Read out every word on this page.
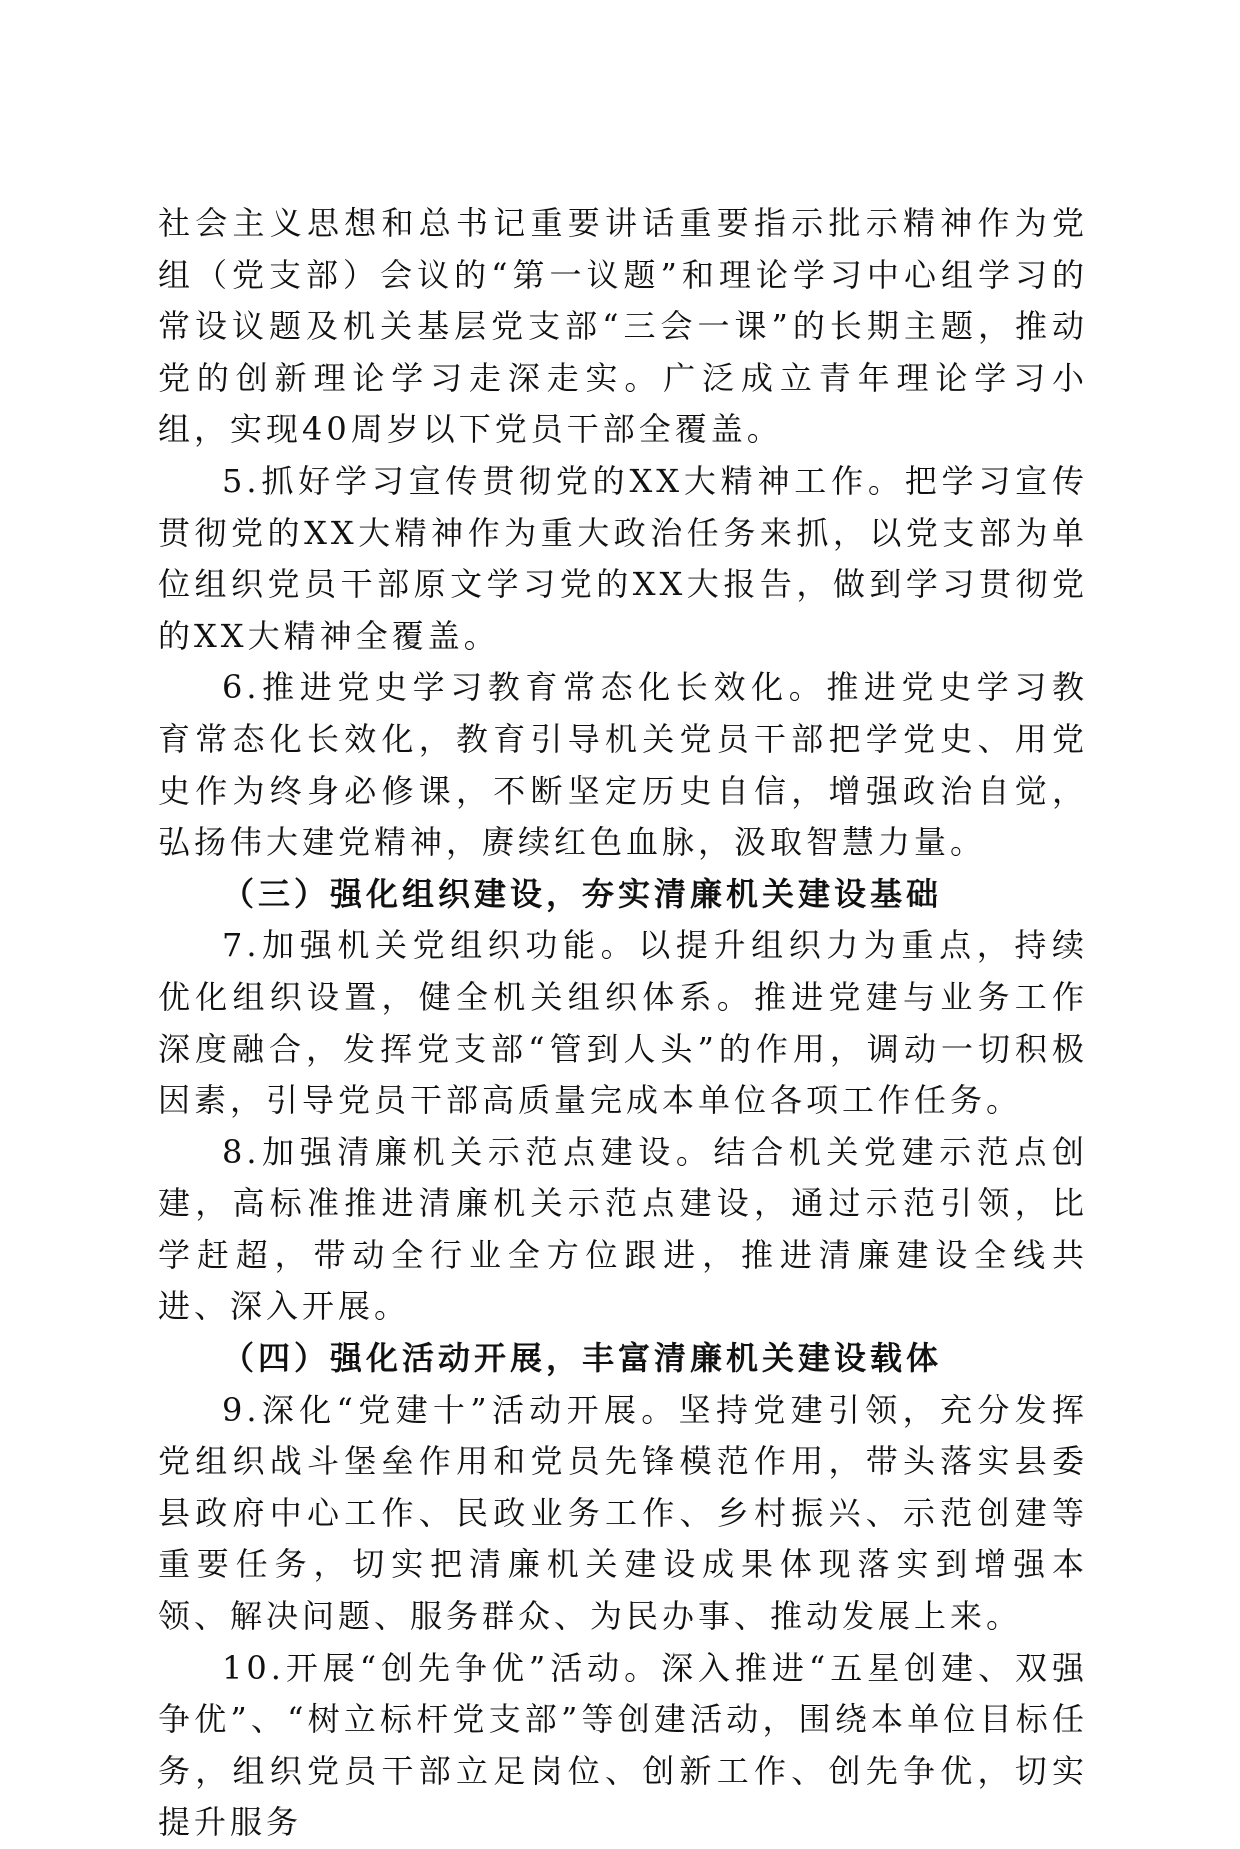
社会主义思想和总书记重要讲话重要指示批示精神作为党组（党支部）会议的“第一议题”和理论学习中心组学习的常设议题及机关基层党支部“三会一课”的长期主题，推动党的创新理论学习走深走实。广泛成立青年理论学习小组，实现40周岁以下党员干部全覆盖。

5.抓好学习宣传贯彻党的XX大精神工作。把学习宣传贯彻党的XX大精神作为重大政治任务来抓，以党支部为单位组织党员干部原文学习党的XX大报告，做到学习贯彻党的XX大精神全覆盖。

6.推进党史学习教育常态化长效化。推进党史学习教育常态化长效化，教育引导机关党员干部把学党史、用党史作为终身必修课，不断坚定历史自信，增强政治自觉，弘扬伟大建党精神，赓续红色血脉，汲取智慧力量。

（三）强化组织建设，夯实清廉机关建设基础

7.加强机关党组织功能。以提升组织力为重点，持续优化组织设置，健全机关组织体系。推进党建与业务工作深度融合，发挥党支部“管到人头”的作用，调动一切积极因素，引导党员干部高质量完成本单位各项工作任务。

8.加强清廉机关示范点建设。结合机关党建示范点创建，高标准推进清廉机关示范点建设，通过示范引领，比学赶超，带动全行业全方位跟进，推进清廉建设全线共进、深入开展。

（四）强化活动开展，丰富清廉机关建设载体

9.深化“党建十”活动开展。坚持党建引领，充分发挥党组织战斗堡垒作用和党员先锋模范作用，带头落实县委县政府中心工作、民政业务工作、乡村振兴、示范创建等重要任务，切实把清廉机关建设成果体现落实到增强本领、解决问题、服务群众、为民办事、推动发展上来。

10.开展“创先争优”活动。深入推进“五星创建、双强争优”、“树立标杆党支部”等创建活动，围绕本单位目标任务，组织党员干部立足岗位、创新工作、创先争优，切实提升服务
